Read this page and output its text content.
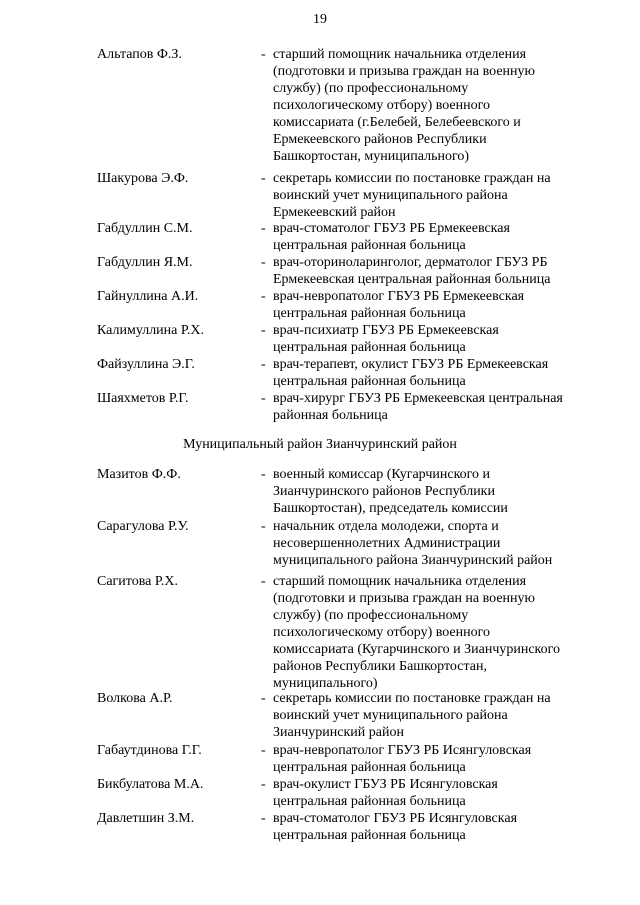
19
Альтапов Ф.З.	- старший помощник начальника отделения
(подготовки и призыва граждан на военную
службу) (по профессиональному
психологическому отбору) военного
комиссариата (г.Белебей, Белебеевского и
Ермекеевского районов Республики
Башкортостан, муниципального)
Шакурова Э.Ф.	- секретарь комиссии по постановке граждан на
воинский учет муниципального района
Ермекеевский район
Габдуллин С.М.	- врач-стоматолог ГБУЗ РБ Ермекеевская
центральная районная больница
Габдуллин Я.М.	- врач-оториноларинголог, дерматолог ГБУЗ РБ
Ермекеевская центральная районная больница
Гайнуллина А.И.	- врач-невропатолог ГБУЗ РБ Ермекеевская
центральная районная больница
Калимуллина Р.Х.	- врач-психиатр ГБУЗ РБ Ермекеевская
центральная районная больница
Файзуллина Э.Г.	- врач-терапевт, окулист ГБУЗ РБ Ермекеевская
центральная районная больница
Шаяхметов Р.Г.	- врач-хирург ГБУЗ РБ Ермекеевская центральная
районная больница
Муниципальный район Зианчуринский район
Мазитов Ф.Ф.	- военный комиссар (Кугарчинского и
Зианчуринского районов Республики
Башкортостан), председатель комиссии
Сарагулова Р.У.	- начальник отдела молодежи, спорта и
несовершеннолетних Администрации
муниципального района Зианчуринский район
Сагитова Р.Х.	- старший помощник начальника отделения
(подготовки и призыва граждан на военную
службу) (по профессиональному
психологическому отбору) военного
комиссариата (Кугарчинского и Зианчуринского
районов Республики Башкортостан,
муниципального)
Волкова А.Р.	- секретарь комиссии по постановке граждан на
воинский учет муниципального района
Зианчуринский район
Габаутдинова Г.Г.	- врач-невропатолог ГБУЗ РБ Исянгуловская
центральная районная больница
Бикбулатова М.А.	- врач-окулист ГБУЗ РБ Исянгуловская
центральная районная больница
Давлетшин З.М.	- врач-стоматолог ГБУЗ РБ Исянгуловская
центральная районная больница
